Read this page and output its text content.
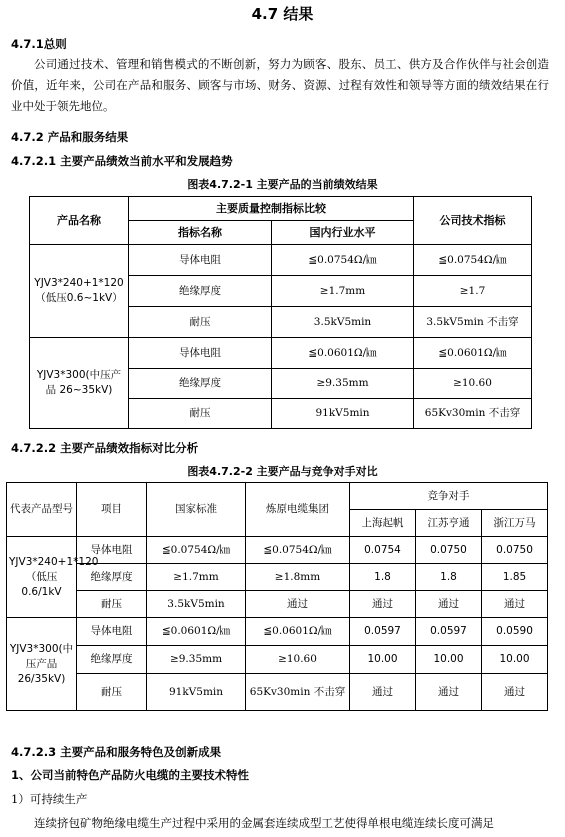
4.7 结果
4.7.1总则
公司通过技术、管理和销售模式的不断创新，努力为顾客、股东、员工、供方及合作伙伴与社会创造价值，近年来，公司在产品和服务、顾客与市场、财务、资源、过程有效性和领导等方面的绩效结果在行业中处于领先地位。
4.7.2 产品和服务结果
4.7.2.1 主要产品绩效当前水平和发展趋势
图表4.7.2-1 主要产品的当前绩效结果
产品名称	主要质量控制指标比较		公司技术指标
	指标名称	国内行业水平	
YJV3*240+1*120（低压0.6~1kV）	导体电阻	≦0.0754Ω/㎞	≦0.0754Ω/㎞
	绝缘厚度	≥1.7mm	≥1.7
	耐压	3.5kV5min	3.5kV5min 不击穿
YJV3*300(中压产品 26~35kV)	导体电阻	≦0.0601Ω/㎞	≦0.0601Ω/㎞
	绝缘厚度	≥9.35mm	≥10.60
	耐压	91kV5min	65Kv30min 不击穿
4.7.2.2 主要产品绩效指标对比分析
图表4.7.2-2 主要产品与竞争对手对比
代表产品型号	项目	国家标准	炼原电缆集团	竞争对手		
				上海起帆	江苏亨通	浙江万马
YJV3*240+1*120（低压0.6/1kV	导体电阻	≦0.0754Ω/㎞	≦0.0754Ω/㎞	0.0754	0.0750	0.0750
	绝缘厚度	≥1.7mm	≥1.8mm	1.8	1.8	1.85
	耐压	3.5kV5min	通过	通过	通过	通过
YJV3*300(中压产品26/35kV)	导体电阻	≦0.0601Ω/㎞	≦0.0601Ω/㎞	0.0597	0.0597	0.0590
	绝缘厚度	≥9.35mm	≥10.60	10.00	10.00	10.00
	耐压	91kV5min	65Kv30min 不击穿	通过	通过	通过
4.7.2.3 主要产品和服务特色及创新成果
1、公司当前特色产品防火电缆的主要技术特性
1）可持续生产
连续挤包矿物绝缘电缆生产过程中采用的金属套连续成型工艺使得单根电缆连续长度可满足
